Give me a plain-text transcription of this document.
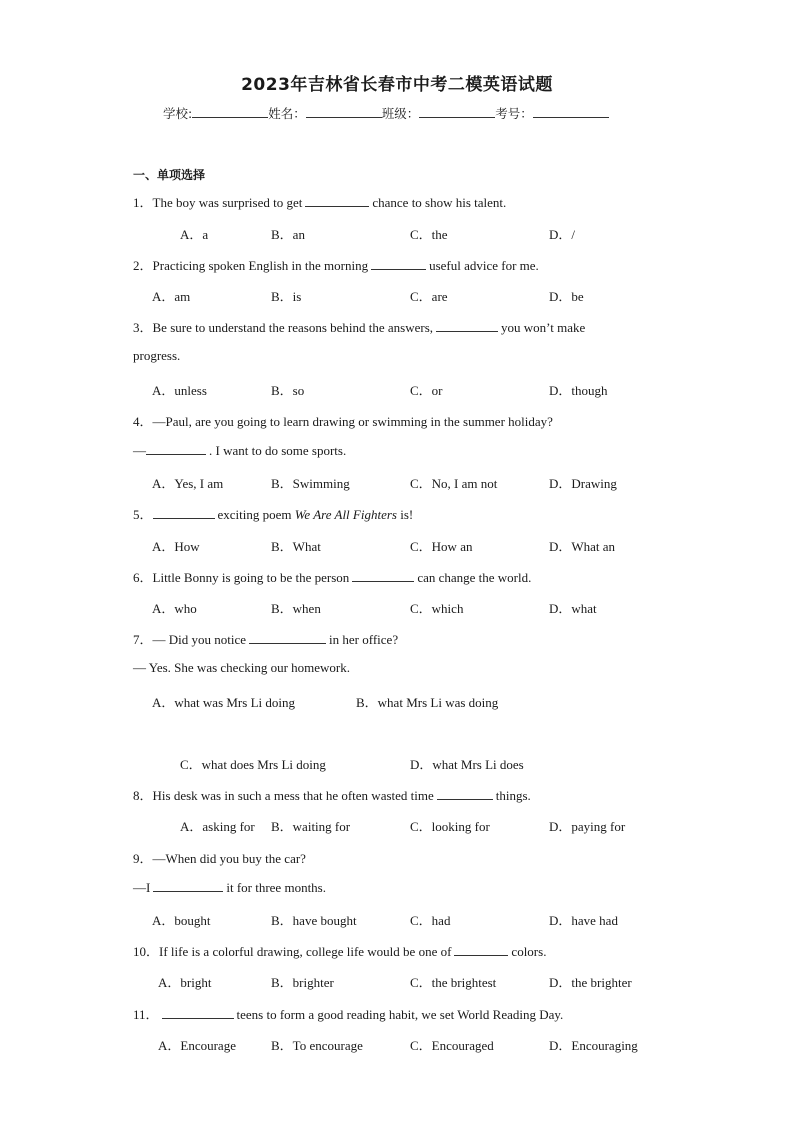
2023年吉林省长春市中考二模英语试题
学校:	姓名：	班级：	考号：
一、单项选择
1．The boy was surprised to get	chance to show his talent.
A．a	B．an	C．the	D．/
2．Practicing spoken English in the morning	useful advice for me.
A．am	B．is	C．are	D．be
3．Be sure to understand the reasons behind the answers,	you won’t make
progress.
A．unless	B．so	C．or	D．though
4．—Paul, are you going to learn drawing or swimming in the summer holiday?
—	. I want to do some sports.
A．Yes, I am	B．Swimming	C．No, I am not	D．Drawing
5．	exciting poem We Are All Fighters is!
A．How	B．What	C．How an	D．What an
6．Little Bonny is going to be the person	can change the world.
A．who	B．when	C．which	D．what
7．— Did you notice	in her office?
— Yes. She was checking our homework.
A．what was Mrs Li doing	B．what Mrs Li was doing
C．what does Mrs Li doing	D．what Mrs Li does
8．His desk was in such a mess that he often wasted time	things.
A．asking for B．waiting for	C．looking for	D．paying for
9．—When did you buy the car?
—I	it for three months.
A．bought	B．have bought	C．had	D．have had
10．If life is a colorful drawing, college life would be one of	colors.
A．bright	B．brighter	C．the brightest	D．the brighter
11．	teens to form a good reading habit, we set World Reading Day.
A．Encourage	B．To encourage	C．Encouraged	D．Encouraging
